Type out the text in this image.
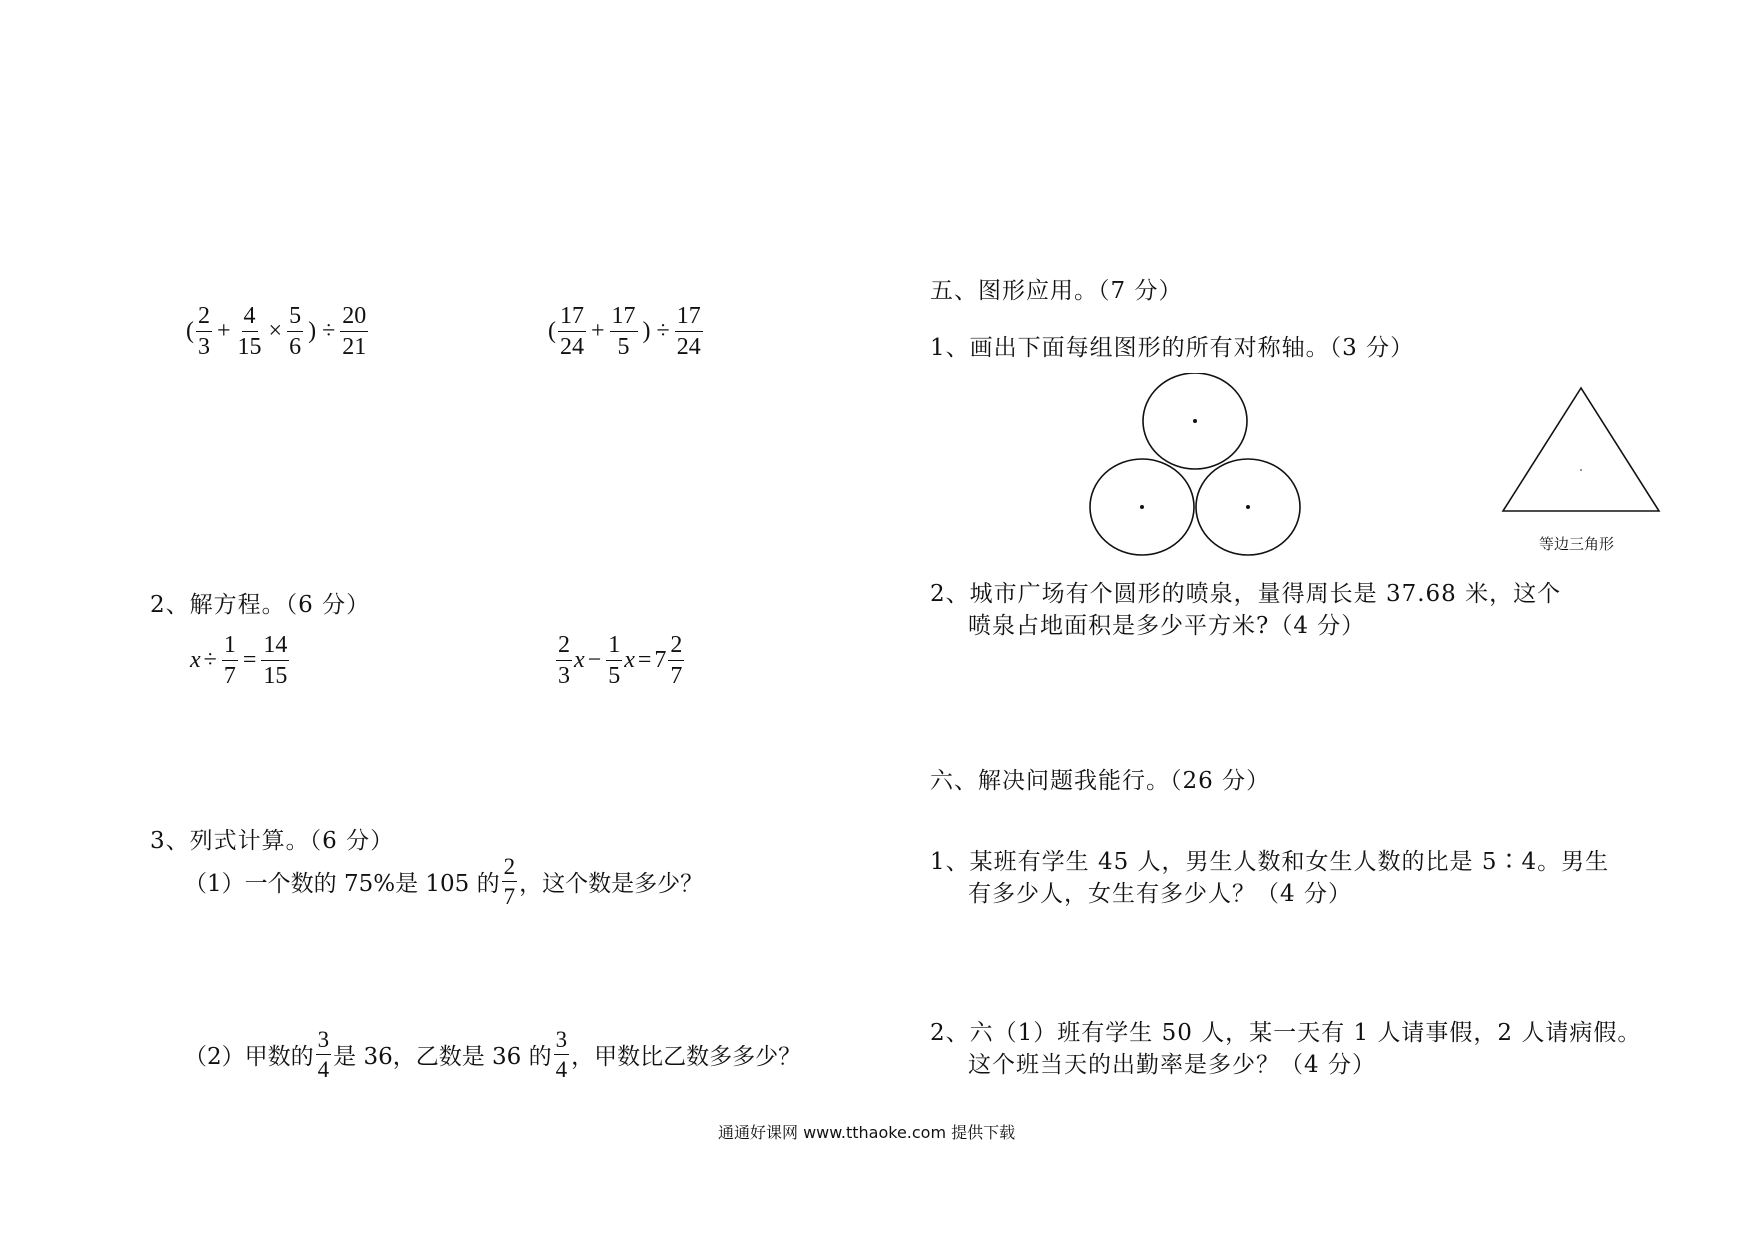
( $\frac{2}{3} + \frac{4}{15} \times \frac{5}{6}$ ) ÷ $\frac{20}{21}$	( $\frac{17}{24} + \frac{17}{5}$ ) ÷ $\frac{17}{24}$
2、解方程。（6 分）
$x \div \frac{1}{7} = \frac{14}{15}$	$\frac{2}{3}$ $x - \frac{1}{5}$ $x = 7 \frac{2}{7}$
3、列式计算。（6 分）
（1）一个数的 75%是 105 的 $\frac{2}{7}$ ，这个数是多少？
（2）甲数的 $\frac{3}{4}$ 是 36，乙数是 36 的 $\frac{3}{4}$ ，甲数比乙数多多少？
五、图形应用。（7 分）
1、画出下面每组图形的所有对称轴。（3 分）
等边三角形
2、城市广场有个圆形的喷泉，量得周长是 37.68 米，这个
喷泉占地面积是多少平方米?（4 分）
六、解决问题我能行。（26 分）
1、某班有学生 45 人，男生人数和女生人数的比是 5∶4。男生
有多少人，女生有多少人？（4 分）
2、六（1）班有学生 50 人，某一天有 1 人请事假，2 人请病假。
这个班当天的出勤率是多少？（4 分）
通通好课网 www.tthaoke.com 提供下载
